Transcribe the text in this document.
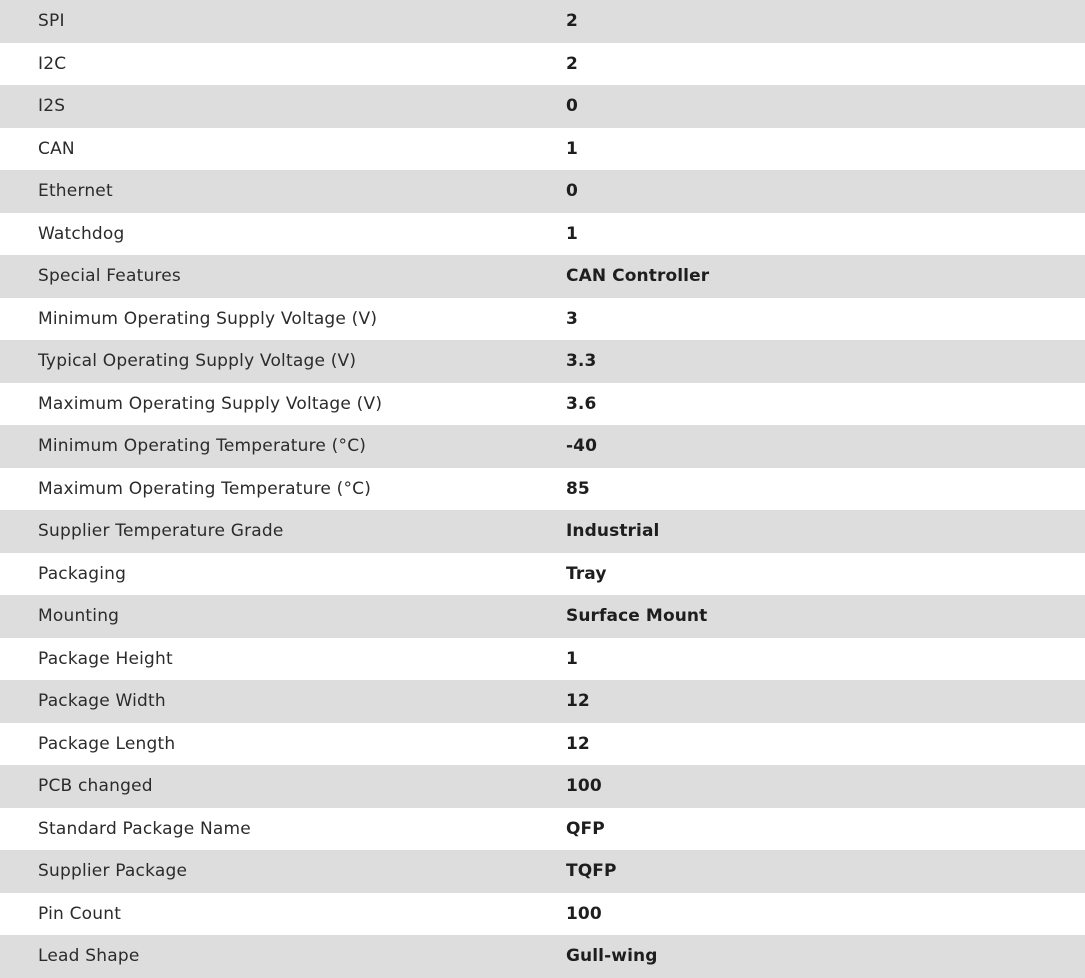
SPI	2
I2C	2
I2S	0
CAN	1
Ethernet	0
Watchdog	1
Special Features	CAN Controller
Minimum Operating Supply Voltage (V)	3
Typical Operating Supply Voltage (V)	3.3
Maximum Operating Supply Voltage (V)	3.6
Minimum Operating Temperature (°C)	-40
Maximum Operating Temperature (°C)	85
Supplier Temperature Grade	Industrial
Packaging	Tray
Mounting	Surface Mount
Package Height	1
Package Width	12
Package Length	12
PCB changed	100
Standard Package Name	QFP
Supplier Package	TQFP
Pin Count	100
Lead Shape	Gull-wing
